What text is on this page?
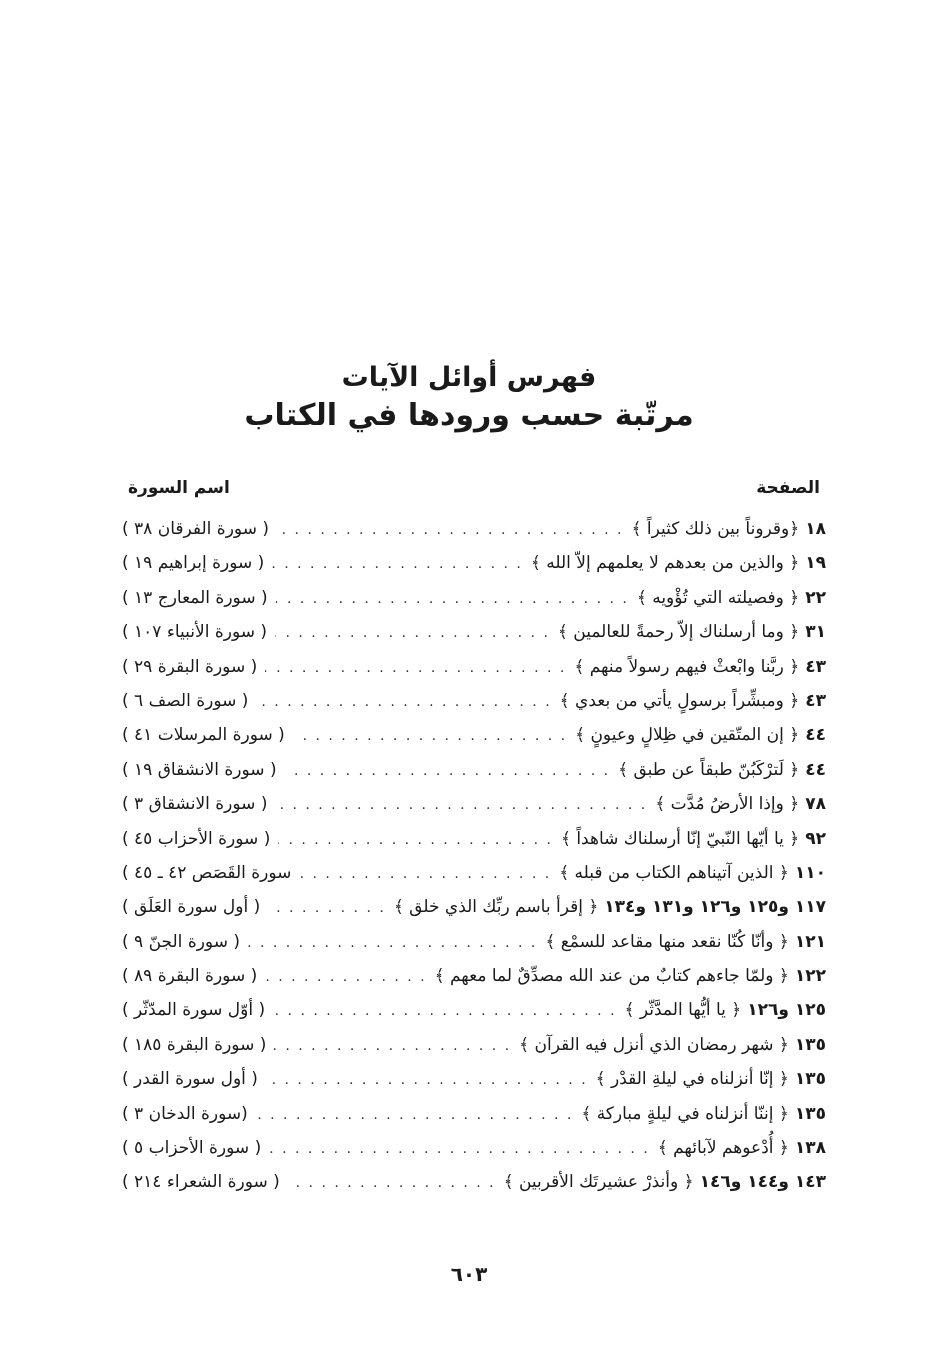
فهرس أوائل الآيات
مرتّبة حسب ورودها في الكتاب
الصفحة
اسم السورة
١٨
﴿وقروناً بين ذلك كثيراً ﴾
. . .
( سورة الفرقان ٣٨ )
١٩
﴿ والذين من بعدهم لا يعلمهم إلاّ الله ﴾
. . .
( سورة إبراهيم ١٩ )
٢٢
﴿ وفصيلته التي تُؤْويه ﴾
. . .
( سورة المعارج ١٣ )
٣١
﴿ وما أرسلناك إلاّ رحمةً للعالمين ﴾
. . .
( سورة الأنبياء ١٠٧ )
٤٣
﴿ ربَّنا وابْعثْ فيهم رسولاً منهم ﴾
. . .
( سورة البقرة ٢٩ )
٤٣
﴿ ومبشِّراً برسولٍ يأتي من بعدي ﴾
. . .
( سورة الصف ٦ )
٤٤
﴿ إن المتّقين في ظِلالٍ وعيونٍ ﴾
. . .
( سورة المرسلات ٤١ )
٤٤
﴿ لَترْكَبُنّ طبقاً عن طبق ﴾
. . .
( سورة الانشقاق ١٩ )
٧٨
﴿ وإذا الأرضُ مُدَّت ﴾
. . .
( سورة الانشقاق ٣ )
٩٢
﴿ يا أيّها النّبيّ إنّا أرسلناك شاهداً ﴾
. . .
( سورة الأحزاب ٤٥ )
١١٠
﴿ الذين آتيناهم الكتاب من قبله ﴾
. . .
سورة القَصَص ٤٢ ـ ٤٥ )
١١٧ و١٢٥ و١٢٦ و١٣١ و١٣٤
﴿ إقرأ باسم ربِّك الذي خلق ﴾
. . .
( أول سورة العَلَق )
١٢١
﴿ وأنّا كُنّا نقعد منها مقاعد للسمْع ﴾
. . .
( سورة الجنّ ٩ )
١٢٢
﴿ ولمّا جاءهم كتابٌ من عند الله مصدِّقٌ لما معهم ﴾
. . .
( سورة البقرة ٨٩ )
١٢٥ و١٢٦
﴿ يا أيُّها المدَّثّر ﴾
. . .
( أوّل سورة المدّثّر )
١٣٥
﴿ شهر رمضان الذي أنزل فيه القرآن ﴾
. . .
( سورة البقرة ١٨٥ )
١٣٥
﴿ إنّا أنزلناه في ليلةِ القدْر ﴾
. . .
( أول سورة القدر )
١٣٥
﴿ إننّا أنزلناه في ليلةٍ مباركة ﴾
. . .
(سورة الدخان ٣ )
١٣٨
﴿ أُدْعوهم لآبائهم ﴾
. . .
( سورة الأحزاب ٥ )
١٤٣ و١٤٤ و١٤٦
﴿ وأنذرْ عشيرتَك الأقربين ﴾
. . .
( سورة الشعراء ٢١٤ )
٦٠٣
